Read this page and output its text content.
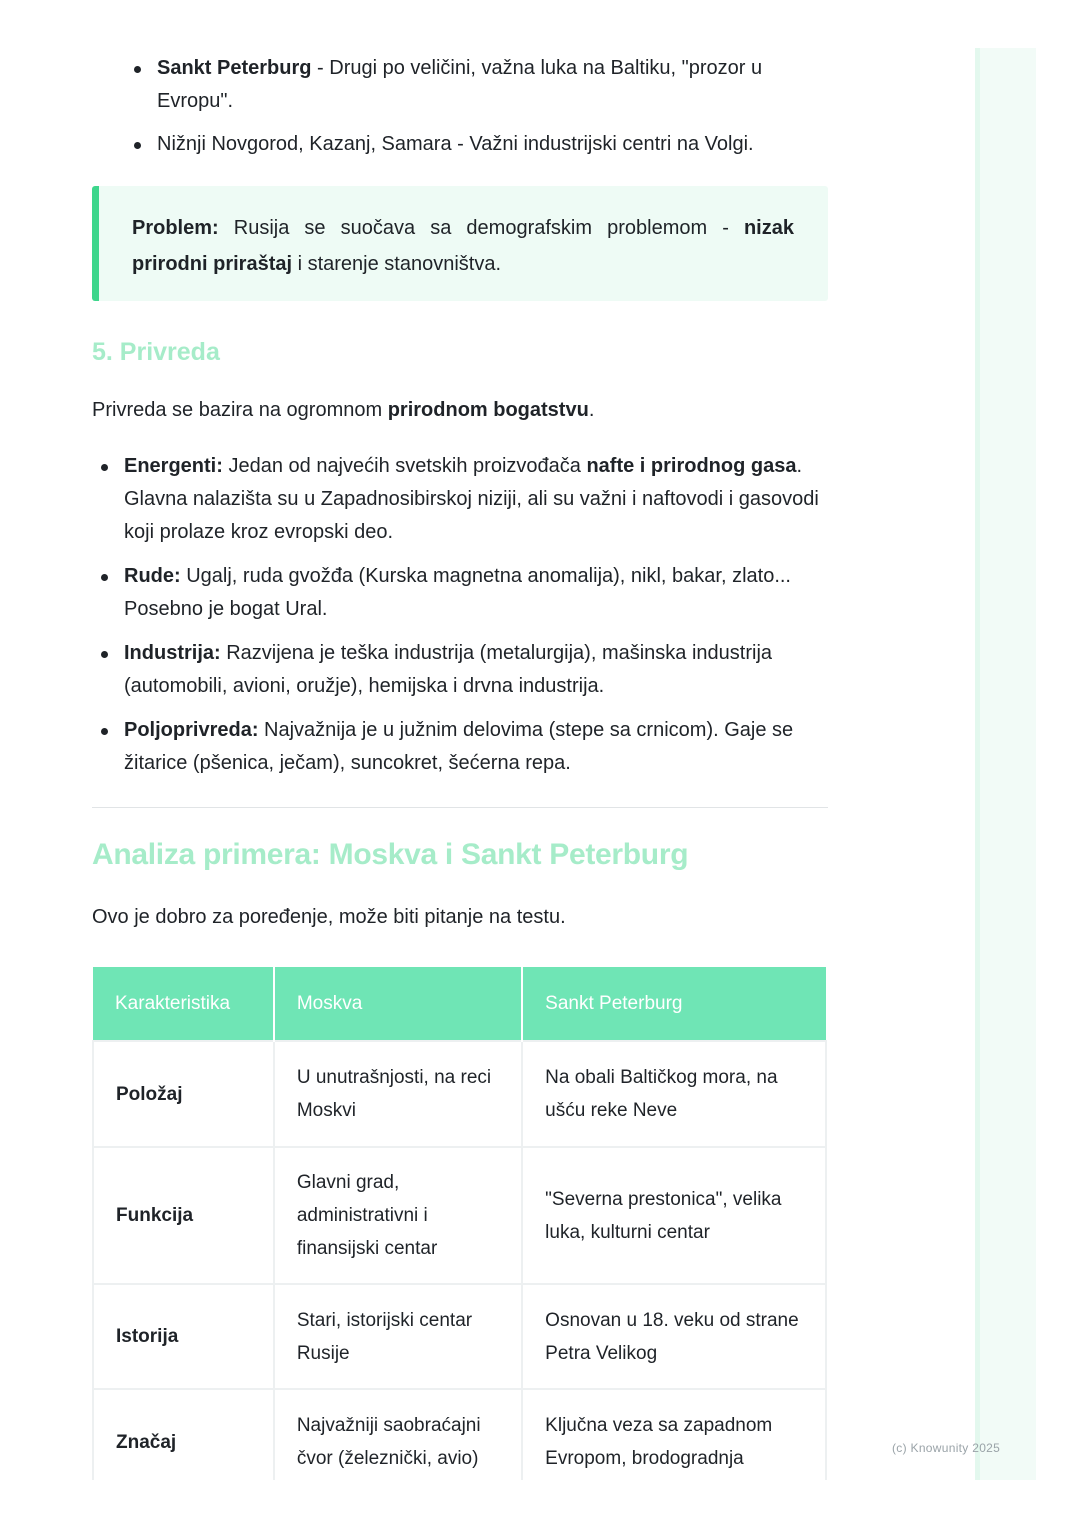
Sankt Peterburg - Drugi po veličini, važna luka na Baltiku, "prozor u Evropu".
Nižnji Novgorod, Kazanj, Samara - Važni industrijski centri na Volgi.
Problem: Rusija se suočava sa demografskim problemom - nizak prirodni priraštaj i starenje stanovništva.
5. Privreda

Privreda se bazira na ogromnom prirodnom bogatstvu.

Energenti: Jedan od najvećih svetskih proizvođača nafte i prirodnog gasa. Glavna nalazišta su u Zapadnosibirskoj niziji, ali su važni i naftovodi i gasovodi koji prolaze kroz evropski deo.
Rude: Ugalj, ruda gvožđa (Kurska magnetna anomalija), nikl, bakar, zlato... Posebno je bogat Ural.
Industrija: Razvijena je teška industrija (metalurgija), mašinska industrija (automobili, avioni, oružje), hemijska i drvna industrija.
Poljoprivreda: Najvažnija je u južnim delovima (stepe sa crnicom). Gaje se žitarice (pšenica, ječam), suncokret, šećerna repa.
Analiza primera: Moskva i Sankt Peterburg

Ovo je dobro za poređenje, može biti pitanje na testu.

Karakteristika	Moskva	Sankt Peterburg
Položaj	U unutrašnjosti, na reci Moskvi	Na obali Baltičkog mora, na ušću reke Neve
Funkcija	Glavni grad, administrativni i finansijski centar	"Severna prestonica", velika luka, kulturni centar
Istorija	Stari, istorijski centar Rusije	Osnovan u 18. veku od strane Petra Velikog
Značaj	Najvažniji saobraćajni čvor (železnički, avio)	Ključna veza sa zapadnom Evropom, brodogradnja	(c) Knowunity 2025
